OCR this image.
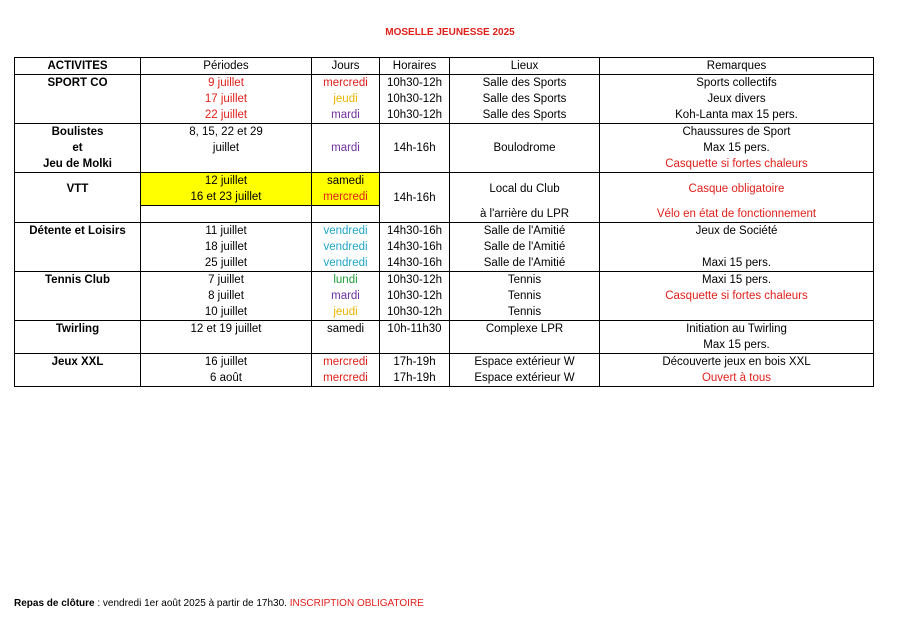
MOSELLE JEUNESSE 2025
ACTIVITES	Périodes	Jours	Horaires	Lieux	Remarques
SPORT CO	9 juillet	mercredi	10h30-12h	Salle des Sports	Sports collectifs
	17 juillet	jeudi	10h30-12h	Salle des Sports	Jeux divers
	22 juillet	mardi	10h30-12h	Salle des Sports	Koh-Lanta max 15 pers.
Boulistes	8, 15, 22 et 29				Chaussures de Sport
et	juillet	mardi	14h-16h	Boulodrome	Max 15 pers.
Jeu de Molki					Casquette si fortes chaleurs
VTT	12 juillet	samedi	14h-16h	Local du Club	Casque obligatoire
	16 et 23 juillet	mercredi			
				à l'arrière du LPR	Vélo en état de fonctionnement
Détente et Loisirs	11 juillet	vendredi	14h30-16h	Salle de l'Amitié	Jeux de Société
	18 juillet	vendredi	14h30-16h	Salle de l'Amitié	
	25 juillet	vendredi	14h30-16h	Salle de l'Amitié	Maxi 15 pers.
Tennis Club	7 juillet	lundi	10h30-12h	Tennis	Maxi 15 pers.
	8 juillet	mardi	10h30-12h	Tennis	Casquette si fortes chaleurs
	10 juillet	jeudi	10h30-12h	Tennis	
Twirling	12 et 19 juillet	samedi	10h-11h30	Complexe LPR	Initiation au Twirling
					Max 15 pers.
Jeux XXL	16 juillet	mercredi	17h-19h	Espace extérieur W	Découverte jeux en bois XXL
	6 août	mercredi	17h-19h	Espace extérieur W	Ouvert à tous
Repas de clôture : vendredi 1er août 2025 à partir de 17h30. INSCRIPTION OBLIGATOIRE
